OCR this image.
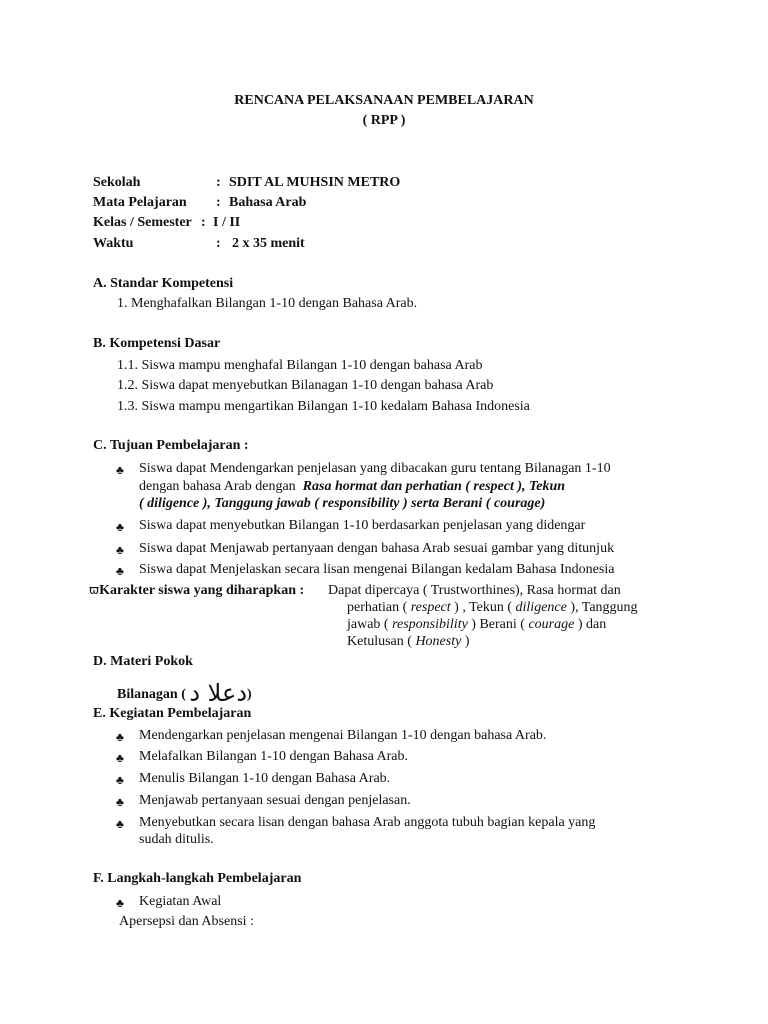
RENCANA PELAKSANAAN PEMBELAJARAN
( RPP )
Sekolah	: SDIT AL MUHSIN METRO
Mata Pelajaran : Bahasa Arab
Kelas / Semester : I / II
Waktu	: 2 x 35 menit
A. Standar Kompetensi
1. Menghafalkan Bilangan 1-10 dengan Bahasa Arab.
B. Kompetensi Dasar
1.1. Siswa mampu menghafal Bilangan 1-10 dengan bahasa Arab
1.2. Siswa dapat menyebutkan Bilanagan 1-10 dengan bahasa Arab
1.3. Siswa mampu mengartikan Bilangan 1-10 kedalam Bahasa Indonesia
C. Tujuan Pembelajaran :
♣ Siswa dapat Mendengarkan penjelasan yang dibacakan guru tentang Bilanagan 1-10
dengan bahasa Arab dengan Rasa hormat dan perhatian ( respect ), Tekun
( diligence ), Tanggung jawab ( responsibility ) serta Berani ( courage)
♣ Siswa dapat menyebutkan Bilangan 1-10 berdasarkan penjelasan yang didengar
♣ Siswa dapat Menjawab pertanyaan dengan bahasa Arab sesuai gambar yang ditunjuk
♣ Siswa dapat Menjelaskan secara lisan mengenai Bilangan kedalam Bahasa Indonesia
ϖKarakter siswa yang diharapkan : Dapat dipercaya ( Trustworthines), Rasa hormat dan
perhatian ( respect ) , Tekun ( diligence ), Tanggung
jawab ( responsibility ) Berani ( courage ) dan
Ketulusan ( Honesty )
D. Materi Pokok
Bilanagan ( دعلا د)
E. Kegiatan Pembelajaran
♣ Mendengarkan penjelasan mengenai Bilangan 1-10 dengan bahasa Arab.
♣ Melafalkan Bilangan 1-10 dengan Bahasa Arab.
♣ Menulis Bilangan 1-10 dengan Bahasa Arab.
♣ Menjawab pertanyaan sesuai dengan penjelasan.
♣ Menyebutkan secara lisan dengan bahasa Arab anggota tubuh bagian kepala yang
sudah ditulis.
F. Langkah-langkah Pembelajaran
♣ Kegiatan Awal
Apersepsi dan Absensi :
